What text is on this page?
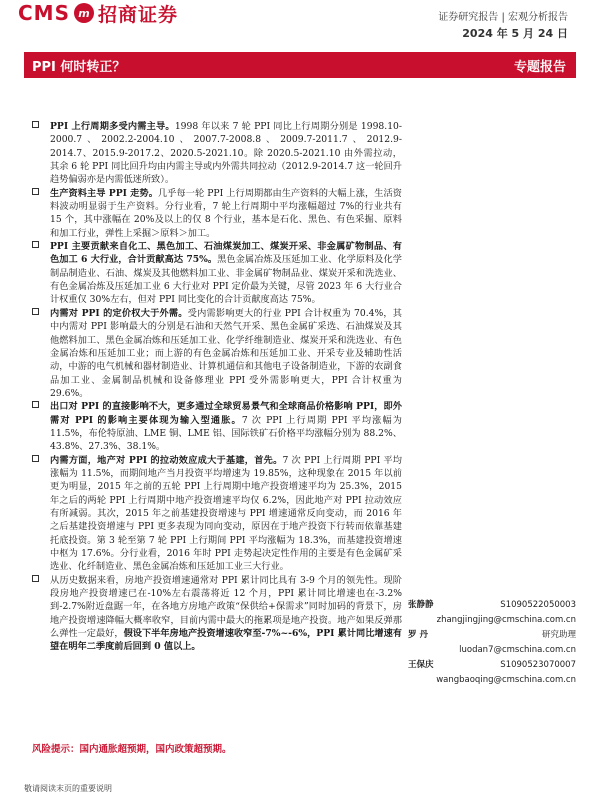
CMS m 招商证券	证券研究报告 | 宏观分析报告
2024 年 5 月 24 日
PPI 何时转正？	专题报告

PPI 上行周期多受内需主导。1998 年以来 7 轮 PPI 同比上行周期分别是 1998.10-2000.7、2002.2-2004.10、2007.7-2008.8、2009.7-2011.7、2012.9-2014.7、2015.9-2017.2、2020.5-2021.10。除 2020.5-2021.10 由外需拉动，其余 6 轮 PPI 同比回升均由内需主导或内外需共同拉动（2012.9-2014.7 这一轮回升趋势偏弱亦是内需低迷所致）。

生产资料主导 PPI 走势。几乎每一轮 PPI 上行周期都由生产资料的大幅上涨，生活资料波动明显弱于生产资料。分行业看，7 轮上行周期中平均涨幅超过 7%的行业共有 15 个，其中涨幅在 20%及以上的仅 8 个行业，基本是石化、黑色、有色采掘、原料和加工行业，弹性上采掘＞原料＞加工。

PPI 主要贡献来自化工、黑色加工、石油煤炭加工、煤炭开采、非金属矿物制品、有色加工 6 大行业，合计贡献高达 75%。黑色金属冶炼及压延加工业、化学原料及化学制品制造业、石油、煤炭及其他燃料加工业、非金属矿物制品业、煤炭开采和洗选业、有色金属冶炼及压延加工业 6 大行业对 PPI 定价最为关键，尽管 2023 年 6 大行业合计权重仅 30%左右，但对 PPI 同比变化的合计贡献度高达 75%。

内需对 PPI 的定价权大于外需。受内需影响更大的行业 PPI 合计权重为 70.4%，其中内需对 PPI 影响最大的分别是石油和天然气开采、黑色金属矿采选、石油煤炭及其他燃料加工、黑色金属冶炼和压延加工业、化学纤维制造业、煤炭开采和洗选业、有色金属冶炼和压延加工业；而上游的有色金属冶炼和压延加工业、开采专业及辅助性活动，中游的电气机械和器材制造业、计算机通信和其他电子设备制造业，下游的农副食品加工业、金属制品机械和设备修理业 PPI 受外需影响更大，PPI 合计权重为 29.6%。

出口对 PPI 的直接影响不大，更多通过全球贸易景气和全球商品价格影响 PPI，即外需对 PPI 的影响主要体现为输入型通胀。7 次 PPI 上行周期 PPI 平均涨幅为 11.5%，布伦特原油、LME 铜、LME 铝、国际铁矿石价格平均涨幅分别为 88.2%、43.8%、27.3%、38.1%。

内需方面，地产对 PPI 的拉动效应成大于基建，首先。7 次 PPI 上行周期 PPI 平均涨幅为 11.5%，而期间地产当月投资平均增速为 19.85%，这种现象在 2015 年以前更为明显，2015 年之前的五轮 PPI 上行周期中地产投资增速平均为 25.3%，2015 年之后的两轮 PPI 上行周期中地产投资增速平均仅 6.2%，因此地产对 PPI 拉动效应有所减弱。其次，2015 年之前基建投资增速与 PPI 增速通常反向变动，而 2016 年之后基建投资增速与 PPI 更多表现为同向变动，原因在于地产投资下行转而依靠基建托底投资。第 3 轮至第 7 轮 PPI 上行期间 PPI 平均涨幅为 18.3%，而基建投资增速中枢为 17.6%。分行业看，2016 年时 PPI 走势起决定性作用的主要是有色金属矿采选业、化纤制造业、黑色金属冶炼和压延加工业三大行业。

从历史数据来看，房地产投资增速通常对 PPI 累计同比具有 3-9 个月的领先性。现阶段房地产投资增速已在-10%左右震荡将近 12 个月，PPI 累计同比增速也在-3.2%到-2.7%附近盘踞一年，在各地方房地产政策“保供给+保需求”同时加码的背景下，房地产投资增速降幅大概率收窄，目前内需中最大的拖累项是地产投资。地产如果反弹那么弹性一定最好，假设下半年房地产投资增速收窄至-7%~-6%，PPI 累计同比增速有望在明年二季度前后回到 0 值以上。

风险提示：国内通胀超预期，国内政策超预期。
张静静	S1090522050003
zhangjingjing@cmschina.com.cn
罗 丹	研究助理
luodan7@cmschina.com.cn
王保庆	S1090523070007
wangbaoqing@cmschina.com.cn
敬请阅读末页的重要说明
